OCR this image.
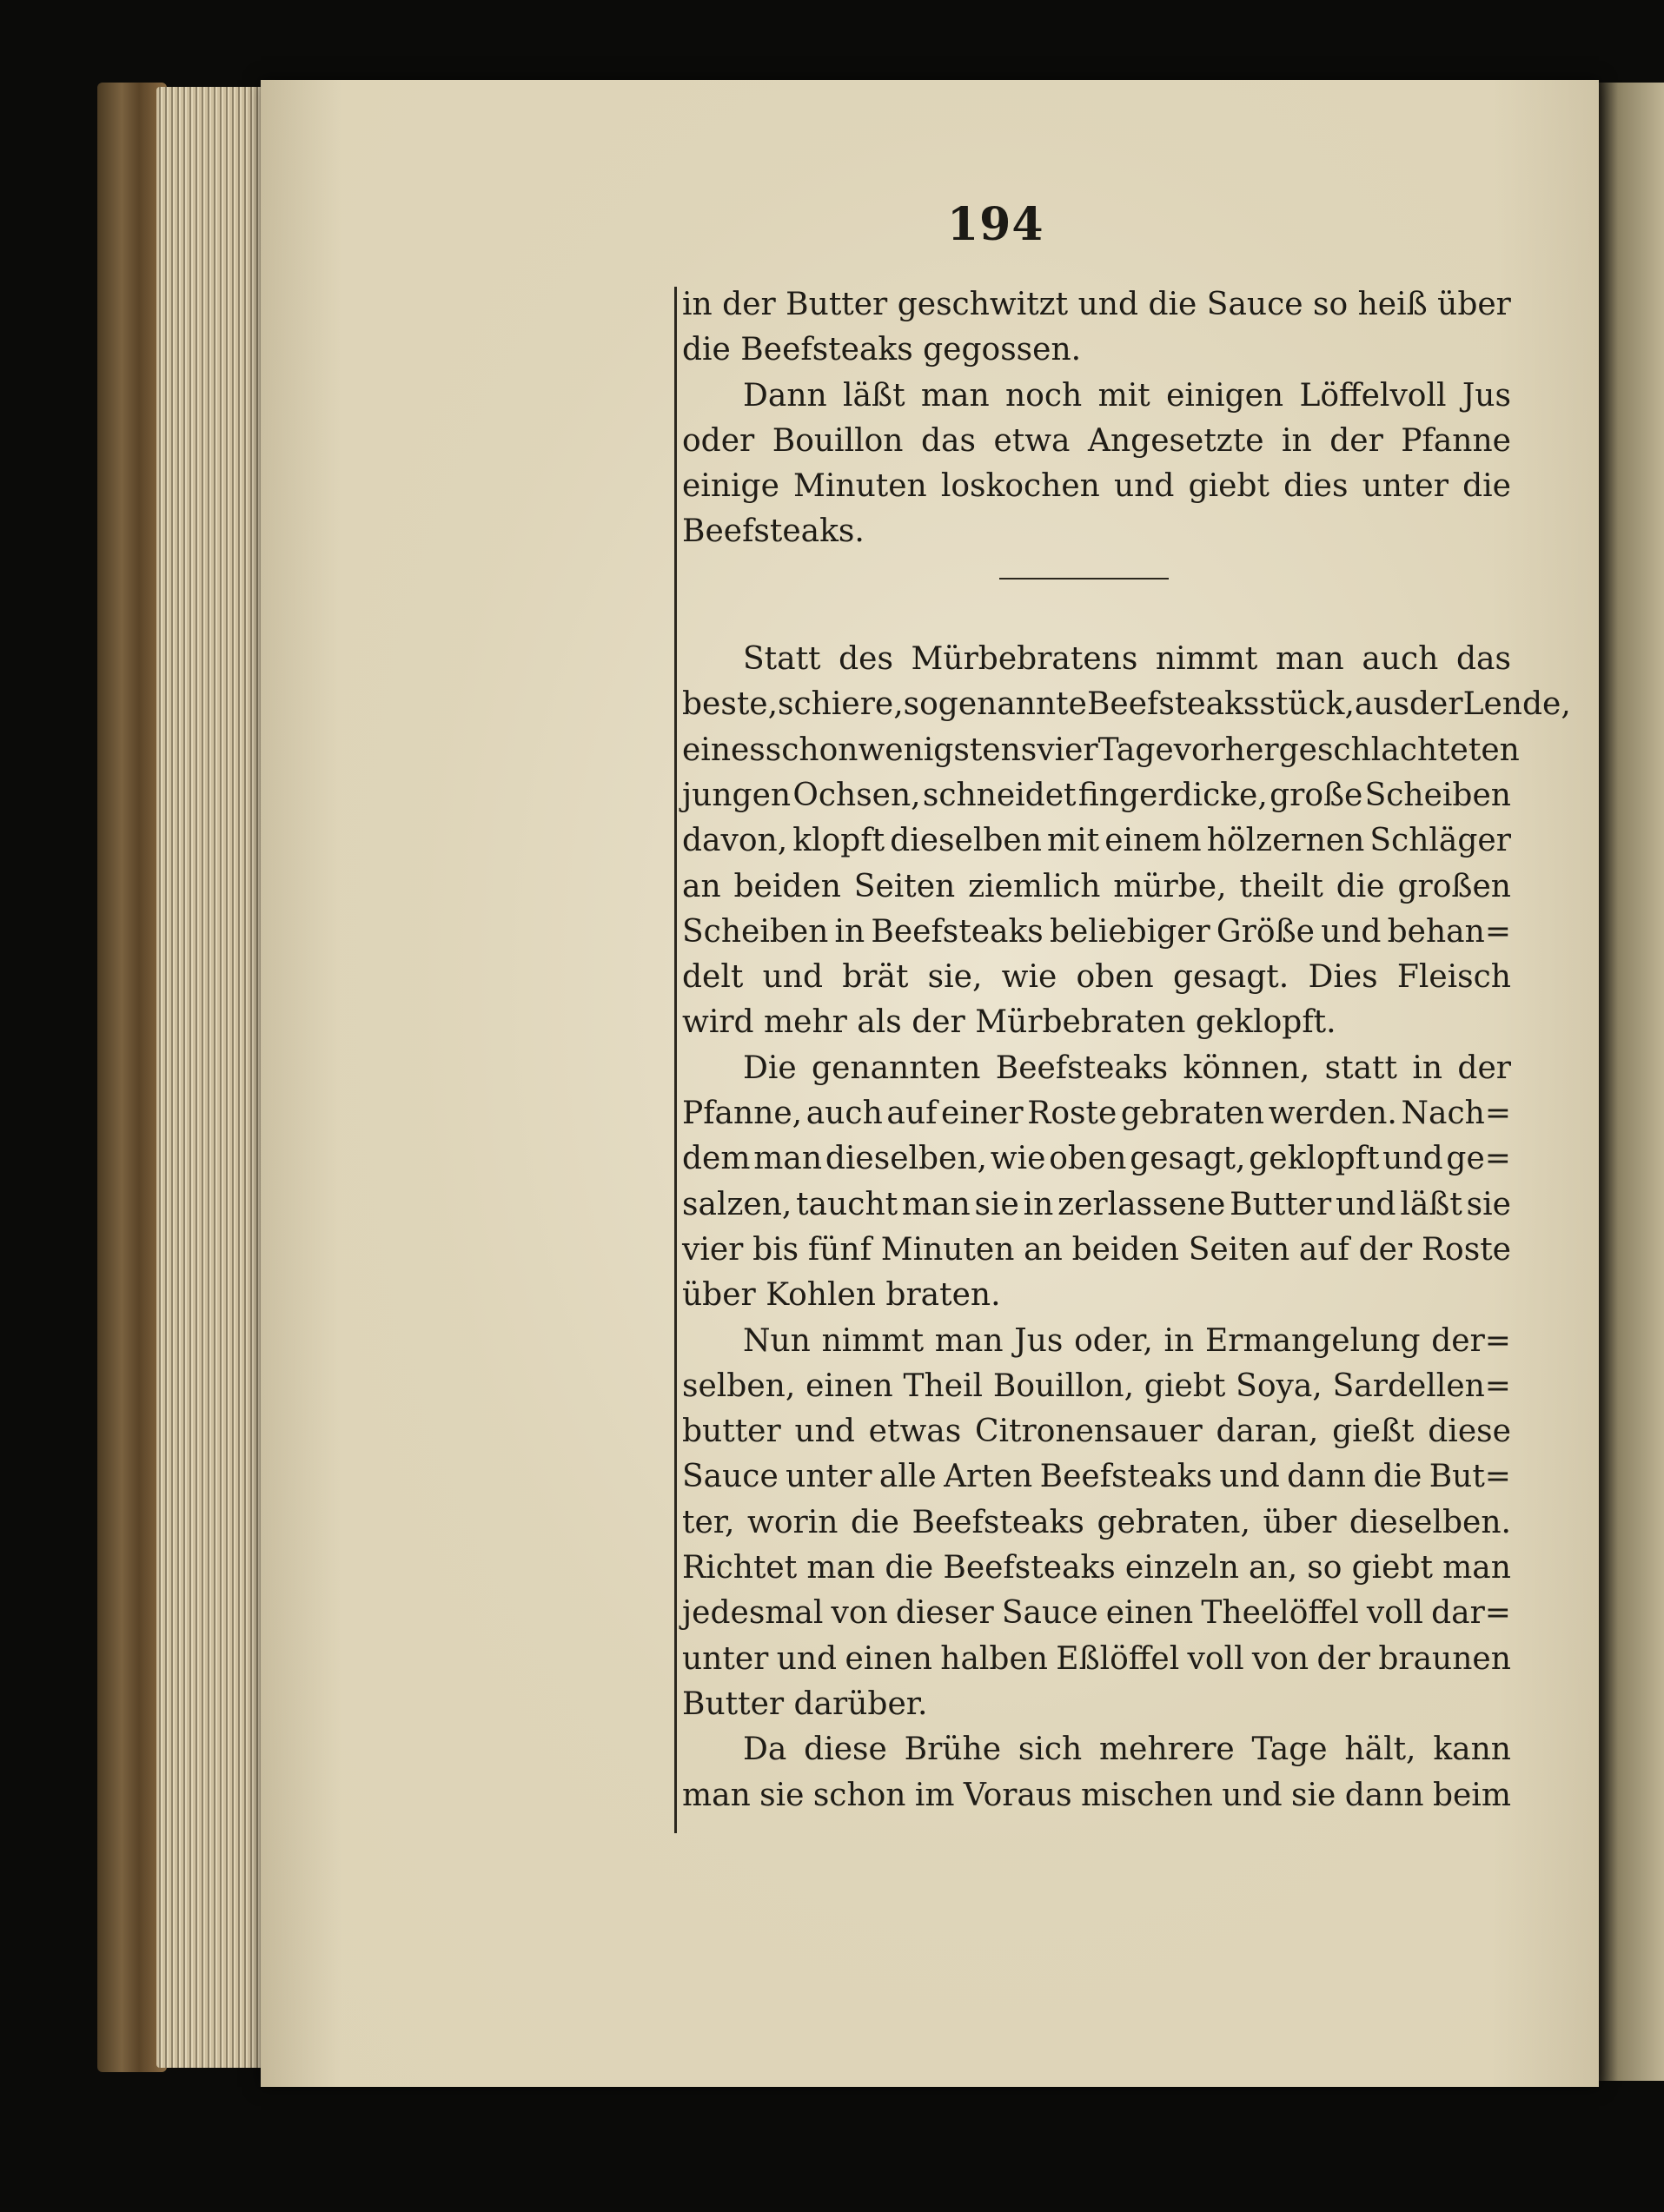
194
in der Butter geschwitzt und die Sauce so heiß über
die Beefsteaks gegossen.
Dann läßt man noch mit einigen Löffelvoll Jus
oder Bouillon das etwa Angesetzte in der Pfanne
einige Minuten loskochen und giebt dies unter die
Beefsteaks.
Statt des Mürbebratens nimmt man auch das
beste, schiere, sogenannte Beefsteaksstück, aus der Lende,
eines schon wenigstens vier Tage vorher geschlachteten
jungen Ochsen, schneidet fingerdicke, große Scheiben
davon, klopft dieselben mit einem hölzernen Schläger
an beiden Seiten ziemlich mürbe, theilt die großen
Scheiben in Beefsteaks beliebiger Größe und behan=
delt und brät sie, wie oben gesagt. Dies Fleisch
wird mehr als der Mürbebraten geklopft.
Die genannten Beefsteaks können, statt in der
Pfanne, auch auf einer Roste gebraten werden. Nach=
dem man dieselben, wie oben gesagt, geklopft und ge=
salzen, taucht man sie in zerlassene Butter und läßt sie
vier bis fünf Minuten an beiden Seiten auf der Roste
über Kohlen braten.
Nun nimmt man Jus oder, in Ermangelung der=
selben, einen Theil Bouillon, giebt Soya, Sardellen=
butter und etwas Citronensauer daran, gießt diese
Sauce unter alle Arten Beefsteaks und dann die But=
ter, worin die Beefsteaks gebraten, über dieselben.
Richtet man die Beefsteaks einzeln an, so giebt man
jedesmal von dieser Sauce einen Theelöffel voll dar=
unter und einen halben Eßlöffel voll von der braunen
Butter darüber.
Da diese Brühe sich mehrere Tage hält, kann
man sie schon im Voraus mischen und sie dann beim
